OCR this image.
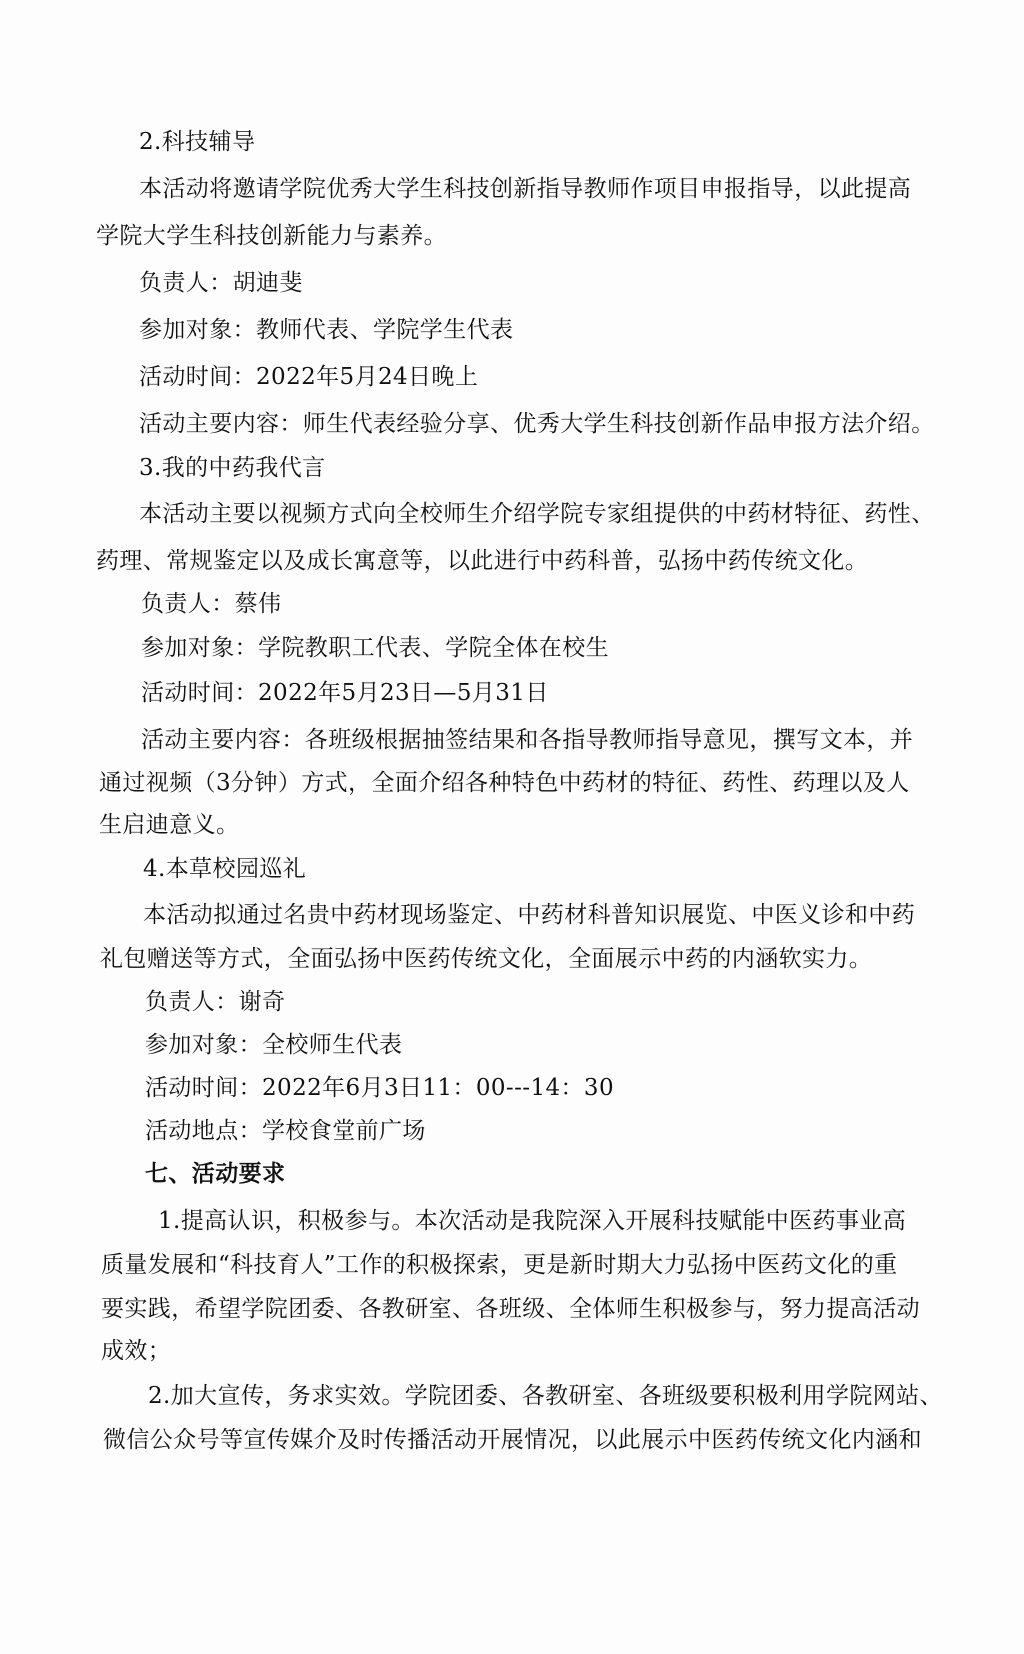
2.科技辅导
本活动将邀请学院优秀大学生科技创新指导教师作项目申报指导，以此提高
学院大学生科技创新能力与素养。
负责人：胡迪斐
参加对象：教师代表、学院学生代表
活动时间：2022年5月24日晚上
活动主要内容：师生代表经验分享、优秀大学生科技创新作品申报方法介绍。
3.我的中药我代言
本活动主要以视频方式向全校师生介绍学院专家组提供的中药材特征、药性、
药理、常规鉴定以及成长寓意等，以此进行中药科普，弘扬中药传统文化。
负责人：蔡伟
参加对象：学院教职工代表、学院全体在校生
活动时间：2022年5月23日—5月31日
活动主要内容：各班级根据抽签结果和各指导教师指导意见，撰写文本，并
通过视频（3分钟）方式，全面介绍各种特色中药材的特征、药性、药理以及人
生启迪意义。
4.本草校园巡礼
本活动拟通过名贵中药材现场鉴定、中药材科普知识展览、中医义诊和中药
礼包赠送等方式，全面弘扬中医药传统文化，全面展示中药的内涵软实力。
负责人：谢奇
参加对象：全校师生代表
活动时间：2022年6月3日11：00---14：30
活动地点：学校食堂前广场
七、活动要求
1.提高认识，积极参与。本次活动是我院深入开展科技赋能中医药事业高
质量发展和“科技育人”工作的积极探索，更是新时期大力弘扬中医药文化的重
要实践，希望学院团委、各教研室、各班级、全体师生积极参与，努力提高活动
成效；
2.加大宣传，务求实效。学院团委、各教研室、各班级要积极利用学院网站、
微信公众号等宣传媒介及时传播活动开展情况，以此展示中医药传统文化内涵和
